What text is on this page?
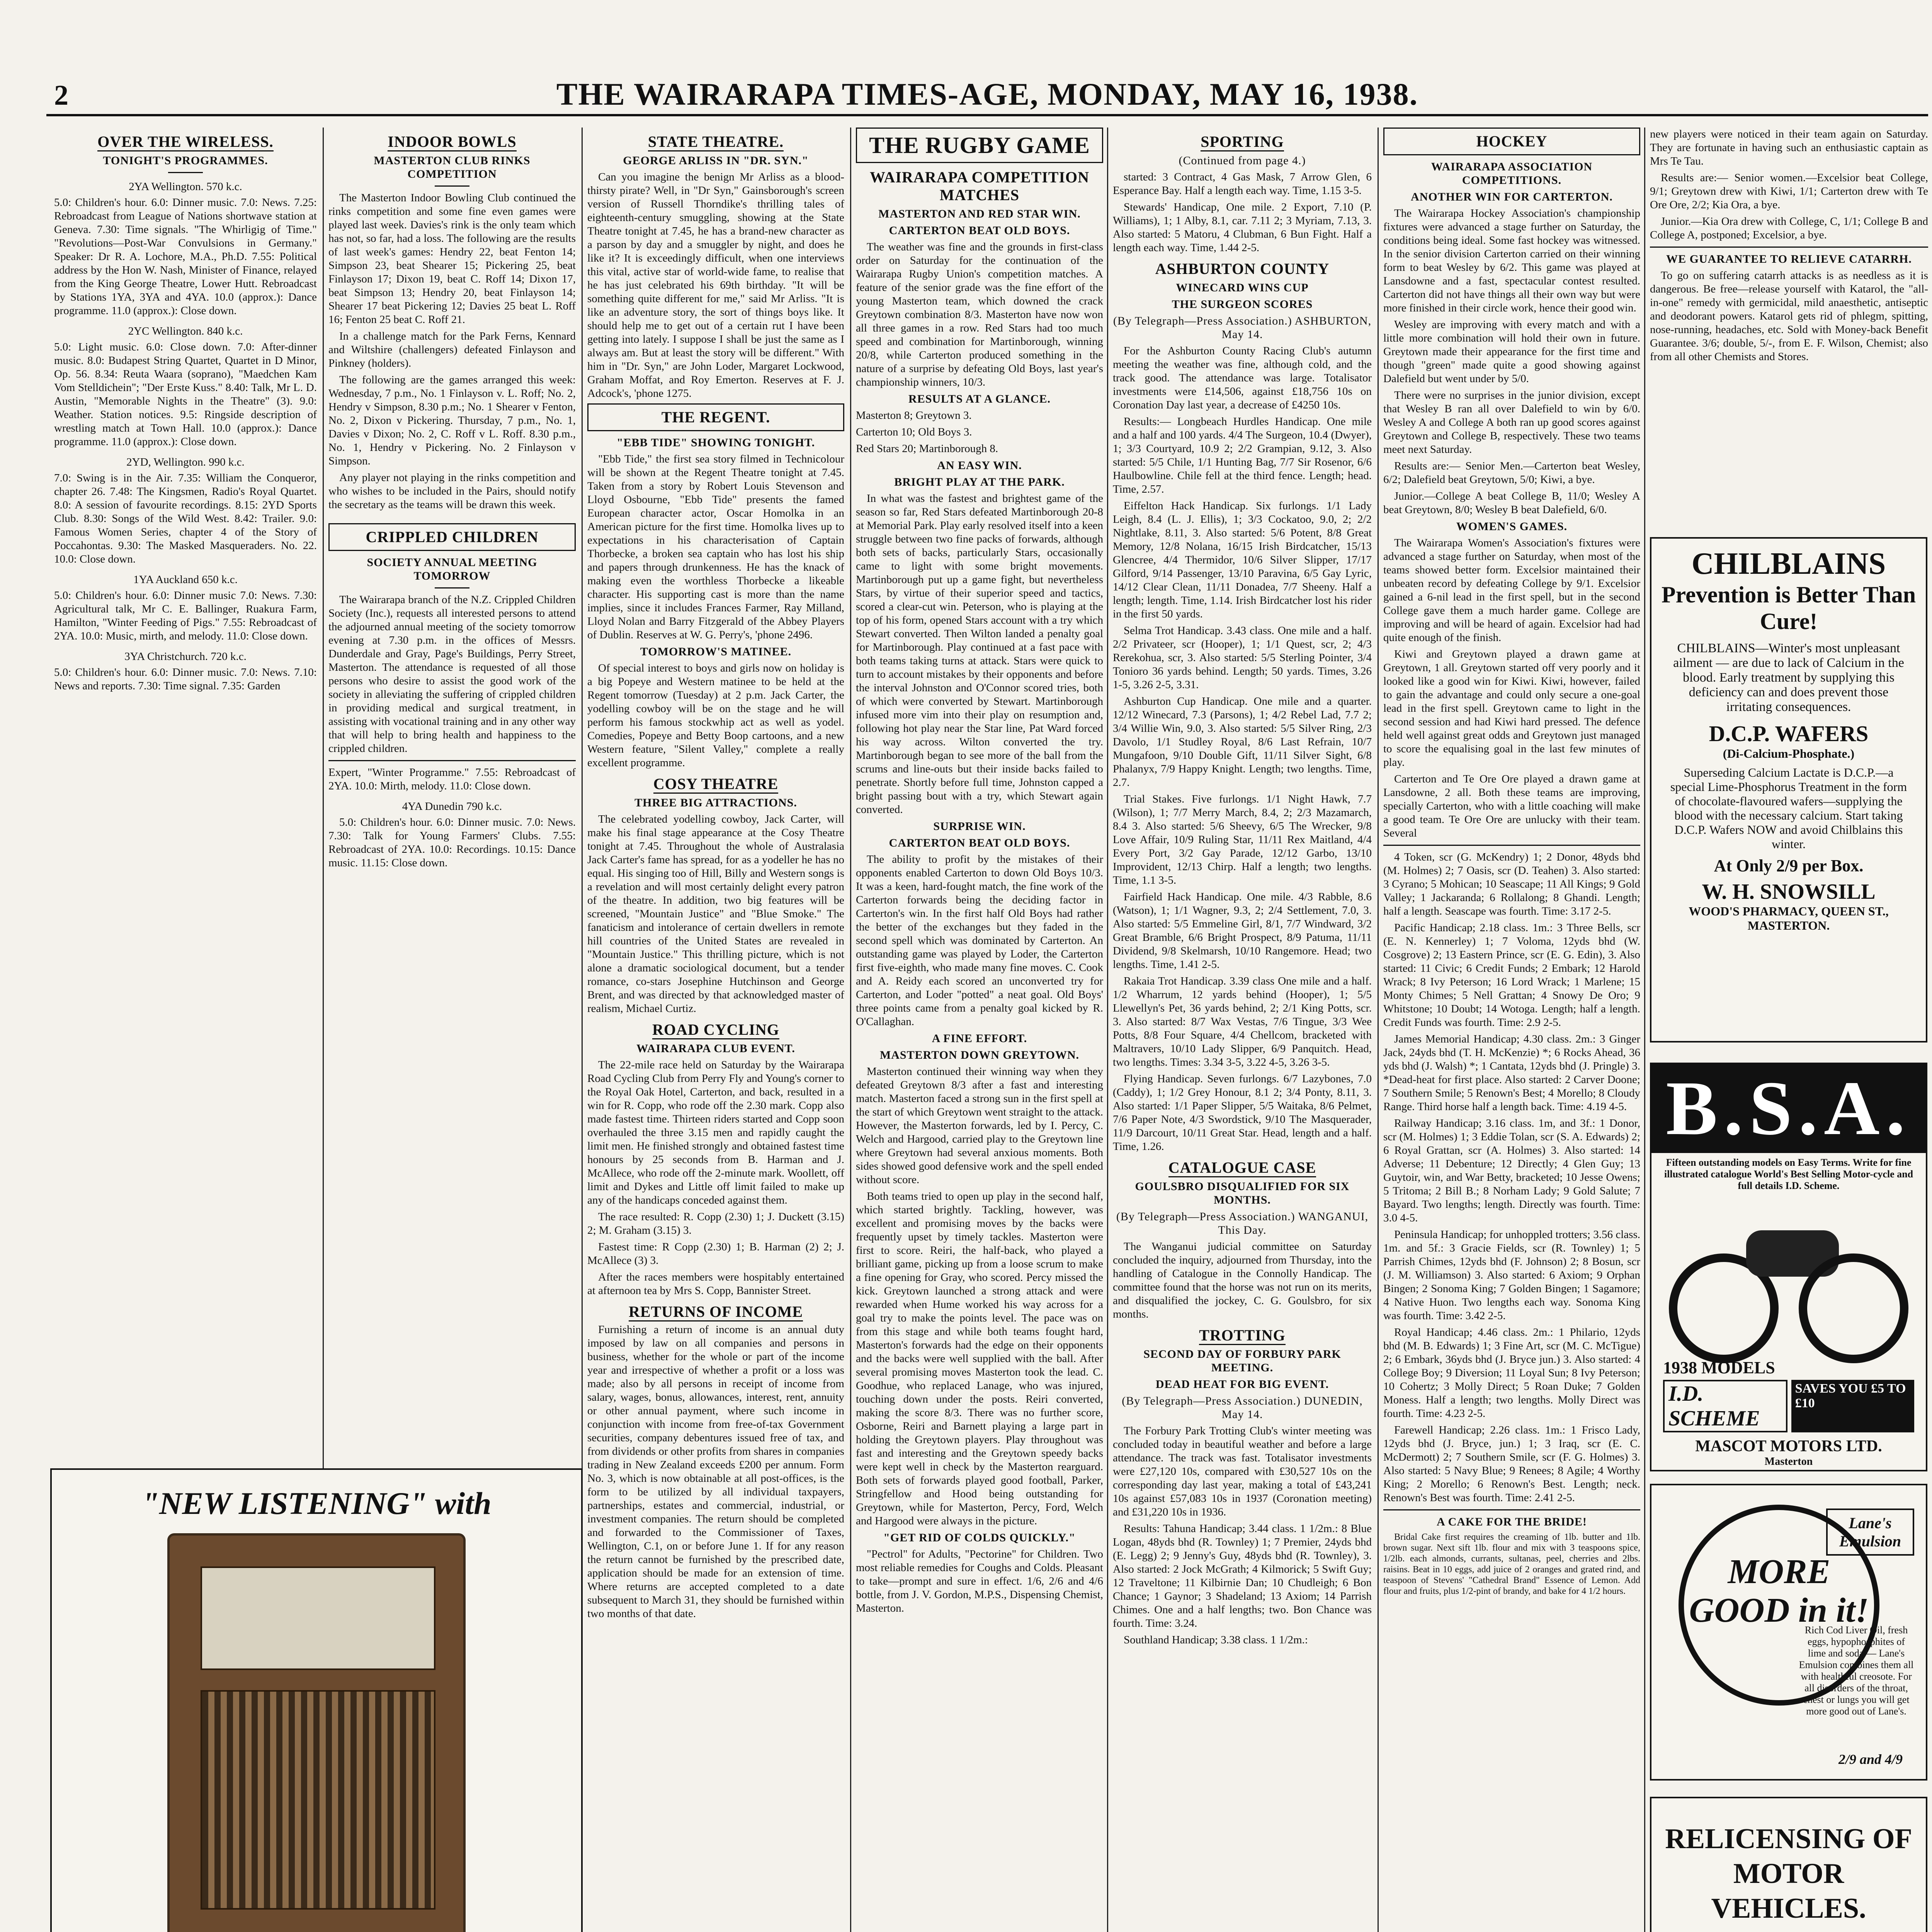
2	THE WAIRARAPA TIMES-AGE, MONDAY, MAY 16, 1938.
OVER THE WIRELESS.
TONIGHT'S PROGRAMMES.
2YA Wellington. 570 k.c.

5.0: Children's hour. 6.0: Dinner music. 7.0: News. 7.25: Rebroadcast from League of Nations shortwave station at Geneva. 7.30: Time signals. "The Whirligig of Time." "Revolutions—Post-War Convulsions in Germany." Speaker: Dr R. A. Lochore, M.A., Ph.D. 7.55: Political address by the Hon W. Nash, Minister of Finance, relayed from the King George Theatre, Lower Hutt. Rebroadcast by Stations 1YA, 3YA and 4YA. 10.0 (approx.): Dance programme. 11.0 (approx.): Close down.

2YC Wellington. 840 k.c.

5.0: Light music. 6.0: Close down. 7.0: After-dinner music. 8.0: Budapest String Quartet, Quartet in D Minor, Op. 56. 8.34: Reuta Waara (soprano), "Maedchen Kam Vom Stelldichein"; "Der Erste Kuss." 8.40: Talk, Mr L. D. Austin, "Memorable Nights in the Theatre" (3). 9.0: Weather. Station notices. 9.5: Ringside description of wrestling match at Town Hall. 10.0 (approx.): Dance programme. 11.0 (approx.): Close down.

2YD, Wellington. 990 k.c.

7.0: Swing is in the Air. 7.35: William the Conqueror, chapter 26. 7.48: The Kingsmen, Radio's Royal Quartet. 8.0: A session of favourite recordings. 8.15: 2YD Sports Club. 8.30: Songs of the Wild West. 8.42: Trailer. 9.0: Famous Women Series, chapter 4 of the Story of Poccahontas. 9.30: The Masked Masqueraders. No. 22. 10.0: Close down.

1YA Auckland 650 k.c.

5.0: Children's hour. 6.0: Dinner music 7.0: News. 7.30: Agricultural talk, Mr C. E. Ballinger, Ruakura Farm, Hamilton, "Winter Feeding of Pigs." 7.55: Rebroadcast of 2YA. 10.0: Music, mirth, and melody. 11.0: Close down.

3YA Christchurch. 720 k.c.

5.0: Children's hour. 6.0: Dinner music. 7.0: News. 7.10: News and reports. 7.30: Time signal. 7.35: Garden

INDOOR BOWLS
MASTERTON CLUB RINKS COMPETITION

The Masterton Indoor Bowling Club continued the rinks competition and some fine even games were played last week. Davies's rink is the only team which has not, so far, had a loss. The following are the results of last week's games: Hendry 22, beat Fenton 14; Simpson 23, beat Shearer 15; Pickering 25, beat Finlayson 17; Dixon 19, beat C. Roff 14; Dixon 17, beat Simpson 13; Hendry 20, beat Finlayson 14; Shearer 17 beat Pickering 12; Davies 25 beat L. Roff 16; Fenton 25 beat C. Roff 21.

In a challenge match for the Park Ferns, Kennard and Wiltshire (challengers) defeated Finlayson and Pinkney (holders).

The following are the games arranged this week: Wednesday, 7 p.m., No. 1 Finlayson v. L. Roff; No. 2, Hendry v Simpson, 8.30 p.m.; No. 1 Shearer v Fenton, No. 2, Dixon v Pickering. Thursday, 7 p.m., No. 1, Davies v Dixon; No. 2, C. Roff v L. Roff. 8.30 p.m., No. 1, Hendry v Pickering. No. 2 Finlayson v Simpson.

Any player not playing in the rinks competition and who wishes to be included in the Pairs, should notify the secretary as the teams will be drawn this week.

CRIPPLED CHILDREN
SOCIETY ANNUAL MEETING TOMORROW

The Wairarapa branch of the N.Z. Crippled Children Society (Inc.), requests all interested persons to attend the adjourned annual meeting of the society tomorrow evening at 7.30 p.m. in the offices of Messrs. Dunderdale and Gray, Page's Buildings, Perry Street, Masterton. The attendance is requested of all those persons who desire to assist the good work of the society in alleviating the suffering of crippled children in providing medical and surgical treatment, in assisting with vocational training and in any other way that will help to bring health and happiness to the crippled children.

Expert, "Winter Programme." 7.55: Rebroadcast of 2YA. 10.0: Mirth, melody. 11.0: Close down.

4YA Dunedin 790 k.c.

5.0: Children's hour. 6.0: Dinner music. 7.0: News. 7.30: Talk for Young Farmers' Clubs. 7.55: Rebroadcast of 2YA. 10.0: Recordings. 10.15: Dance music. 11.15: Close down.

"NEW LISTENING" with
STATE THEATRE.
GEORGE ARLISS IN "DR. SYN."

Can you imagine the benign Mr Arliss as a blood-thirsty pirate? Well, in "Dr Syn," Gainsborough's screen version of Russell Thorndike's thrilling tales of eighteenth-century smuggling, showing at the State Theatre tonight at 7.45, he has a brand-new character as a parson by day and a smuggler by night, and does he like it? It is exceedingly difficult, when one interviews this vital, active star of world-wide fame, to realise that he has just celebrated his 69th birthday. "It will be something quite different for me," said Mr Arliss. "It is like an adventure story, the sort of things boys like. It should help me to get out of a certain rut I have been getting into lately. I suppose I shall be just the same as I always am. But at least the story will be different." With him in "Dr. Syn," are John Loder, Margaret Lockwood, Graham Moffat, and Roy Emerton. Reserves at F. J. Adcock's, 'phone 1275.

THE REGENT.
"EBB TIDE" SHOWING TONIGHT.

"Ebb Tide," the first sea story filmed in Technicolour will be shown at the Regent Theatre tonight at 7.45. Taken from a story by Robert Louis Stevenson and Lloyd Osbourne, "Ebb Tide" presents the famed European character actor, Oscar Homolka in an American picture for the first time. Homolka lives up to expectations in his characterisation of Captain Thorbecke, a broken sea captain who has lost his ship and papers through drunkenness. He has the knack of making even the worthless Thorbecke a likeable character. His supporting cast is more than the name implies, since it includes Frances Farmer, Ray Milland, Lloyd Nolan and Barry Fitzgerald of the Abbey Players of Dublin. Reserves at W. G. Perry's, 'phone 2496.

TOMORROW'S MATINEE.

Of special interest to boys and girls now on holiday is a big Popeye and Western matinee to be held at the Regent tomorrow (Tuesday) at 2 p.m. Jack Carter, the yodelling cowboy will be on the stage and he will perform his famous stockwhip act as well as yodel. Comedies, Popeye and Betty Boop cartoons, and a new Western feature, "Silent Valley," complete a really excellent programme.

COSY THEATRE
THREE BIG ATTRACTIONS.

The celebrated yodelling cowboy, Jack Carter, will make his final stage appearance at the Cosy Theatre tonight at 7.45. Throughout the whole of Australasia Jack Carter's fame has spread, for as a yodeller he has no equal. His singing too of Hill, Billy and Western songs is a revelation and will most certainly delight every patron of the theatre. In addition, two big features will be screened, "Mountain Justice" and "Blue Smoke." The fanaticism and intolerance of certain dwellers in remote hill countries of the United States are revealed in "Mountain Justice." This thrilling picture, which is not alone a dramatic sociological document, but a tender romance, co-stars Josephine Hutchinson and George Brent, and was directed by that acknowledged master of realism, Michael Curtiz.

ROAD CYCLING
WAIRARAPA CLUB EVENT.

The 22-mile race held on Saturday by the Wairarapa Road Cycling Club from Perry Fly and Young's corner to the Royal Oak Hotel, Carterton, and back, resulted in a win for R. Copp, who rode off the 2.30 mark. Copp also made fastest time. Thirteen riders started and Copp soon overhauled the three 3.15 men and rapidly caught the limit men. He finished strongly and obtained fastest time honours by 25 seconds from B. Harman and J. McAllece, who rode off the 2-minute mark. Woollett, off limit and Dykes and Little off limit failed to make up any of the handicaps conceded against them.

The race resulted: R. Copp (2.30) 1; J. Duckett (3.15) 2; M. Graham (3.15) 3.

Fastest time: R Copp (2.30) 1; B. Harman (2) 2; J. McAllece (3) 3.

After the races members were hospitably entertained at afternoon tea by Mrs S. Copp, Bannister Street.

RETURNS OF INCOME

Furnishing a return of income is an annual duty imposed by law on all companies and persons in business, whether for the whole or part of the income year and irrespective of whether a profit or a loss was made; also by all persons in receipt of income from salary, wages, bonus, allowances, interest, rent, annuity or other annual payment, where such income in conjunction with income from free-of-tax Government securities, company debentures issued free of tax, and from dividends or other profits from shares in companies trading in New Zealand exceeds £200 per annum. Form No. 3, which is now obtainable at all post-offices, is the form to be utilized by all individual taxpayers, partnerships, estates and commercial, industrial, or investment companies. The return should be completed and forwarded to the Commissioner of Taxes, Wellington, C.1, on or before June 1. If for any reason the return cannot be furnished by the prescribed date, application should be made for an extension of time. Where returns are accepted completed to a date subsequent to March 31, they should be furnished within two months of that date.

THE RUGBY GAME
WAIRARAPA COMPETITION MATCHES
MASTERTON AND RED STAR WIN.
CARTERTON BEAT OLD BOYS.

The weather was fine and the grounds in first-class order on Saturday for the continuation of the Wairarapa Rugby Union's competition matches. A feature of the senior grade was the fine effort of the young Masterton team, which downed the crack Greytown combination 8/3. Masterton have now won all three games in a row. Red Stars had too much speed and combination for Martinborough, winning 20/8, while Carterton produced something in the nature of a surprise by defeating Old Boys, last year's championship winners, 10/3.

RESULTS AT A GLANCE.

Masterton 8; Greytown 3.

Carterton 10; Old Boys 3.

Red Stars 20; Martinborough 8.

AN EASY WIN.
BRIGHT PLAY AT THE PARK.

In what was the fastest and brightest game of the season so far, Red Stars defeated Martinborough 20-8 at Memorial Park. Play early resolved itself into a keen struggle between two fine packs of forwards, although both sets of backs, particularly Stars, occasionally came to light with some bright movements. Martinborough put up a game fight, but nevertheless Stars, by virtue of their superior speed and tactics, scored a clear-cut win. Peterson, who is playing at the top of his form, opened Stars account with a try which Stewart converted. Then Wilton landed a penalty goal for Martinborough. Play continued at a fast pace with both teams taking turns at attack. Stars were quick to turn to account mistakes by their opponents and before the interval Johnston and O'Connor scored tries, both of which were converted by Stewart. Martinborough infused more vim into their play on resumption and, following hot play near the Star line, Pat Ward forced his way across. Wilton converted the try. Martinborough began to see more of the ball from the scrums and line-outs but their inside backs failed to penetrate. Shortly before full time, Johnston capped a bright passing bout with a try, which Stewart again converted.

SURPRISE WIN.
CARTERTON BEAT OLD BOYS.

The ability to profit by the mistakes of their opponents enabled Carterton to down Old Boys 10/3. It was a keen, hard-fought match, the fine work of the Carterton forwards being the deciding factor in Carterton's win. In the first half Old Boys had rather the better of the exchanges but they faded in the second spell which was dominated by Carterton. An outstanding game was played by Loder, the Carterton first five-eighth, who made many fine moves. C. Cook and A. Reidy each scored an unconverted try for Carterton, and Loder "potted" a neat goal. Old Boys' three points came from a penalty goal kicked by R. O'Callaghan.

A FINE EFFORT.
MASTERTON DOWN GREYTOWN.

Masterton continued their winning way when they defeated Greytown 8/3 after a fast and interesting match. Masterton faced a strong sun in the first spell at the start of which Greytown went straight to the attack. However, the Masterton forwards, led by I. Percy, C. Welch and Hargood, carried play to the Greytown line where Greytown had several anxious moments. Both sides showed good defensive work and the spell ended without score.

Both teams tried to open up play in the second half, which started brightly. Tackling, however, was excellent and promising moves by the backs were frequently upset by timely tackles. Masterton were first to score. Reiri, the half-back, who played a brilliant game, picking up from a loose scrum to make a fine opening for Gray, who scored. Percy missed the kick. Greytown launched a strong attack and were rewarded when Hume worked his way across for a goal try to make the points level. The pace was on from this stage and while both teams fought hard, Masterton's forwards had the edge on their opponents and the backs were well supplied with the ball. After several promising moves Masterton took the lead. C. Goodhue, who replaced Lanage, who was injured, touching down under the posts. Reiri converted, making the score 8/3. There was no further score, Osborne, Reiri and Barnett playing a large part in holding the Greytown players. Play throughout was fast and interesting and the Greytown speedy backs were kept well in check by the Masterton rearguard. Both sets of forwards played good football, Parker, Stringfellow and Hood being outstanding for Greytown, while for Masterton, Percy, Ford, Welch and Hargood were always in the picture.

"GET RID OF COLDS QUICKLY."

"Pectrol" for Adults, "Pectorine" for Children. Two most reliable remedies for Coughs and Colds. Pleasant to take—prompt and sure in effect. 1/6, 2/6 and 4/6 bottle, from J. V. Gordon, M.P.S., Dispensing Chemist, Masterton.

SPORTING
(Continued from page 4.)

started: 3 Contract, 4 Gas Mask, 7 Arrow Glen, 6 Esperance Bay. Half a length each way. Time, 1.15 3-5.

Stewards' Handicap, One mile. 2 Export, 7.10 (P. Williams), 1; 1 Alby, 8.1, car. 7.11 2; 3 Myriam, 7.13, 3. Also started: 5 Matoru, 4 Clubman, 6 Bun Fight. Half a length each way. Time, 1.44 2-5.

ASHBURTON COUNTY
WINECARD WINS CUP
THE SURGEON SCORES
(By Telegraph—Press Association.) ASHBURTON, May 14.

For the Ashburton County Racing Club's autumn meeting the weather was fine, although cold, and the track good. The attendance was large. Totalisator investments were £14,506, against £18,756 10s on Coronation Day last year, a decrease of £4250 10s.

Results:— Longbeach Hurdles Handicap. One mile and a half and 100 yards. 4/4 The Surgeon, 10.4 (Dwyer), 1; 3/3 Courtyard, 10.9 2; 2/2 Grampian, 9.12, 3. Also started: 5/5 Chile, 1/1 Hunting Bag, 7/7 Sir Rosenor, 6/6 Haulbowline. Chile fell at the third fence. Length; head. Time, 2.57.

Eiffelton Hack Handicap. Six furlongs. 1/1 Lady Leigh, 8.4 (L. J. Ellis), 1; 3/3 Cockatoo, 9.0, 2; 2/2 Nightlake, 8.11, 3. Also started: 5/6 Potent, 8/8 Great Memory, 12/8 Nolana, 16/15 Irish Birdcatcher, 15/13 Glencree, 4/4 Thermidor, 10/6 Silver Slipper, 17/17 Gilford, 9/14 Passenger, 13/10 Paravina, 6/5 Gay Lyric, 14/12 Clear Clean, 11/11 Donadea, 7/7 Sheeny. Half a length; length. Time, 1.14. Irish Birdcatcher lost his rider in the first 50 yards.

Selma Trot Handicap. 3.43 class. One mile and a half. 2/2 Privateer, scr (Hooper), 1; 1/1 Quest, scr, 2; 4/3 Rerekohua, scr, 3. Also started: 5/5 Sterling Pointer, 3/4 Tonioro 36 yards behind. Length; 50 yards. Times, 3.26 1-5, 3.26 2-5, 3.31.

Ashburton Cup Handicap. One mile and a quarter. 12/12 Winecard, 7.3 (Parsons), 1; 4/2 Rebel Lad, 7.7 2; 3/4 Willie Win, 9.0, 3. Also started: 5/5 Silver Ring, 2/3 Davolo, 1/1 Studley Royal, 8/6 Last Refrain, 10/7 Mungafoon, 9/10 Double Gift, 11/11 Silver Sight, 6/8 Phalanyx, 7/9 Happy Knight. Length; two lengths. Time, 2.7.

Trial Stakes. Five furlongs. 1/1 Night Hawk, 7.7 (Wilson), 1; 7/7 Merry March, 8.4, 2; 2/3 Mazamarch, 8.4 3. Also started: 5/6 Sheevy, 6/5 The Wrecker, 9/8 Love Affair, 10/9 Ruling Star, 11/11 Rex Maitland, 4/4 Every Port, 3/2 Gay Parade, 12/12 Garbo, 13/10 Improvident, 12/13 Chirp. Half a length; two lengths. Time, 1.1 3-5.

Fairfield Hack Handicap. One mile. 4/3 Rabble, 8.6 (Watson), 1; 1/1 Wagner, 9.3, 2; 2/4 Settlement, 7.0, 3. Also started: 5/5 Emmeline Girl, 8/1, 7/7 Windward, 3/2 Great Bramble, 6/6 Bright Prospect, 8/9 Patuma, 11/11 Dividend, 9/8 Skelmarsh, 10/10 Rangemore. Head; two lengths. Time, 1.41 2-5.

Rakaia Trot Handicap. 3.39 class One mile and a half. 1/2 Wharrum, 12 yards behind (Hooper), 1; 5/5 Llewellyn's Pet, 36 yards behind, 2; 2/1 King Potts, scr. 3. Also started: 8/7 Wax Vestas, 7/6 Tingue, 3/3 Wee Potts, 8/8 Four Square, 4/4 Chellcom, bracketed with Maltravers, 10/10 Lady Slipper, 6/9 Panquitch. Head, two lengths. Times: 3.34 3-5, 3.22 4-5, 3.26 3-5.

Flying Handicap. Seven furlongs. 6/7 Lazybones, 7.0 (Caddy), 1; 1/2 Grey Honour, 8.1 2; 3/4 Ponty, 8.11, 3. Also started: 1/1 Paper Slipper, 5/5 Waitaka, 8/6 Pelmet, 7/6 Paper Note, 4/3 Swordstick, 9/10 The Masquerader, 11/9 Darcourt, 10/11 Great Star. Head, length and a half. Time, 1.26.

CATALOGUE CASE
GOULSBRO DISQUALIFIED FOR SIX MONTHS.
(By Telegraph—Press Association.) WANGANUI, This Day.

The Wanganui judicial committee on Saturday concluded the inquiry, adjourned from Thursday, into the handling of Catalogue in the Connolly Handicap. The committee found that the horse was not run on its merits, and disqualified the jockey, C. G. Goulsbro, for six months.

TROTTING
SECOND DAY OF FORBURY PARK MEETING.
DEAD HEAT FOR BIG EVENT.
(By Telegraph—Press Association.) DUNEDIN, May 14.

The Forbury Park Trotting Club's winter meeting was concluded today in beautiful weather and before a large attendance. The track was fast. Totalisator investments were £27,120 10s, compared with £30,527 10s on the corresponding day last year, making a total of £43,241 10s against £57,083 10s in 1937 (Coronation meeting) and £31,220 10s in 1936.

Results: Tahuna Handicap; 3.44 class. 1 1/2m.: 8 Blue Logan, 48yds bhd (R. Townley) 1; 7 Premier, 24yds bhd (E. Legg) 2; 9 Jenny's Guy, 48yds bhd (R. Townley), 3. Also started: 2 Jock McGrath; 4 Kilmorick; 5 Swift Guy; 12 Traveltone; 11 Kilbirnie Dan; 10 Chudleigh; 6 Bon Chance; 1 Gaynor; 3 Shadeland; 13 Axiom; 14 Parrish Chimes. One and a half lengths; two. Bon Chance was fourth. Time: 3.24.

Southland Handicap; 3.38 class. 1 1/2m.:

HOCKEY
WAIRARAPA ASSOCIATION COMPETITIONS.
ANOTHER WIN FOR CARTERTON.

The Wairarapa Hockey Association's championship fixtures were advanced a stage further on Saturday, the conditions being ideal. Some fast hockey was witnessed. In the senior division Carterton carried on their winning form to beat Wesley by 6/2. This game was played at Lansdowne and a fast, spectacular contest resulted. Carterton did not have things all their own way but were more finished in their circle work, hence their good win.

Wesley are improving with every match and with a little more combination will hold their own in future. Greytown made their appearance for the first time and though "green" made quite a good showing against Dalefield but went under by 5/0.

There were no surprises in the junior division, except that Wesley B ran all over Dalefield to win by 6/0. Wesley A and College A both ran up good scores against Greytown and College B, respectively. These two teams meet next Saturday.

Results are:— Senior Men.—Carterton beat Wesley, 6/2; Dalefield beat Greytown, 5/0; Kiwi, a bye.

Junior.—College A beat College B, 11/0; Wesley A beat Greytown, 8/0; Wesley B beat Dalefield, 6/0.

WOMEN'S GAMES.

The Wairarapa Women's Association's fixtures were advanced a stage further on Saturday, when most of the teams showed better form. Excelsior maintained their unbeaten record by defeating College by 9/1. Excelsior gained a 6-nil lead in the first spell, but in the second College gave them a much harder game. College are improving and will be heard of again. Excelsior had had quite enough of the finish.

Kiwi and Greytown played a drawn game at Greytown, 1 all. Greytown started off very poorly and it looked like a good win for Kiwi. Kiwi, however, failed to gain the advantage and could only secure a one-goal lead in the first spell. Greytown came to light in the second session and had Kiwi hard pressed. The defence held well against great odds and Greytown just managed to score the equalising goal in the last few minutes of play.

Carterton and Te Ore Ore played a drawn game at Lansdowne, 2 all. Both these teams are improving, specially Carterton, who with a little coaching will make a good team. Te Ore Ore are unlucky with their team. Several

4 Token, scr (G. McKendry) 1; 2 Donor, 48yds bhd (M. Holmes) 2; 7 Oasis, scr (D. Teahen) 3. Also started: 3 Cyrano; 5 Mohican; 10 Seascape; 11 All Kings; 9 Gold Valley; 1 Jackaranda; 6 Rollalong; 8 Ghandi. Length; half a length. Seascape was fourth. Time: 3.17 2-5.

Pacific Handicap; 2.18 class. 1m.: 3 Three Bells, scr (E. N. Kennerley) 1; 7 Voloma, 12yds bhd (W. Cosgrove) 2; 13 Eastern Prince, scr (E. G. Edin), 3. Also started: 11 Civic; 6 Credit Funds; 2 Embark; 12 Harold Wrack; 8 Ivy Peterson; 16 Lord Wrack; 1 Marlene; 15 Monty Chimes; 5 Nell Grattan; 4 Snowy De Oro; 9 Whitstone; 10 Doubt; 14 Wotoga. Length; half a length. Credit Funds was fourth. Time: 2.9 2-5.

James Memorial Handicap; 4.30 class. 2m.: 3 Ginger Jack, 24yds bhd (T. H. McKenzie) *; 6 Rocks Ahead, 36 yds bhd (J. Walsh) *; 1 Cantata, 12yds bhd (J. Pringle) 3. *Dead-heat for first place. Also started: 2 Carver Doone; 7 Southern Smile; 5 Renown's Best; 4 Morello; 8 Cloudy Range. Third horse half a length back. Time: 4.19 4-5.

Railway Handicap; 3.16 class. 1m, and 3f.: 1 Donor, scr (M. Holmes) 1; 3 Eddie Tolan, scr (S. A. Edwards) 2; 6 Royal Grattan, scr (A. Holmes) 3. Also started: 14 Adverse; 11 Debenture; 12 Directly; 4 Glen Guy; 13 Guytoir, win, and War Betty, bracketed; 10 Jesse Owens; 5 Tritoma; 2 Bill B.; 8 Norham Lady; 9 Gold Salute; 7 Bayard. Two lengths; length. Directly was fourth. Time: 3.0 4-5.

Peninsula Handicap; for unhoppled trotters; 3.56 class. 1m. and 5f.: 3 Gracie Fields, scr (R. Townley) 1; 5 Parrish Chimes, 12yds bhd (F. Johnson) 2; 8 Bosun, scr (J. M. Williamson) 3. Also started: 6 Axiom; 9 Orphan Bingen; 2 Sonoma King; 7 Golden Bingen; 1 Sagamore; 4 Native Huon. Two lengths each way. Sonoma King was fourth. Time: 3.42 2-5.

Royal Handicap; 4.46 class. 2m.: 1 Philario, 12yds bhd (M. B. Edwards) 1; 3 Fine Art, scr (M. C. McTigue) 2; 6 Embark, 36yds bhd (J. Bryce jun.) 3. Also started: 4 College Boy; 9 Diversion; 11 Loyal Sun; 8 Ivy Peterson; 10 Cohertz; 3 Molly Direct; 5 Roan Duke; 7 Golden Moness. Half a length; two lengths. Molly Direct was fourth. Time: 4.23 2-5.

Farewell Handicap; 2.26 class. 1m.: 1 Frisco Lady, 12yds bhd (J. Bryce, jun.) 1; 3 Iraq, scr (E. C. McDermott) 2; 7 Southern Smile, scr (F. G. Holmes) 3. Also started: 5 Navy Blue; 9 Renees; 8 Agile; 4 Worthy King; 2 Morello; 6 Renown's Best. Length; neck. Renown's Best was fourth. Time: 2.41 2-5.

A CAKE FOR THE BRIDE!

Bridal Cake first requires the creaming of 1lb. butter and 1lb. brown sugar. Next sift 1lb. flour and mix with 3 teaspoons spice, 1/2lb. each almonds, currants, sultanas, peel, cherries and 2lbs. raisins. Beat in 10 eggs, add juice of 2 oranges and grated rind, and teaspoon of Stevens' "Cathedral Brand" Essence of Lemon. Add flour and fruits, plus 1/2-pint of brandy, and bake for 4 1/2 hours.

new players were noticed in their team again on Saturday. They are fortunate in having such an enthusiastic captain as Mrs Te Tau.

Results are:— Senior women.—Excelsior beat College, 9/1; Greytown drew with Kiwi, 1/1; Carterton drew with Te Ore Ore, 2/2; Kia Ora, a bye.

Junior.—Kia Ora drew with College, C, 1/1; College B and College A, postponed; Excelsior, a bye.

WE GUARANTEE TO RELIEVE CATARRH.

To go on suffering catarrh attacks is as needless as it is dangerous. Be free—release yourself with Katarol, the "all-in-one" remedy with germicidal, mild anaesthetic, antiseptic and deodorant powers. Katarol gets rid of phlegm, spitting, nose-running, headaches, etc. Sold with Money-back Benefit Guarantee. 3/6; double, 5/-, from E. F. Wilson, Chemist; also from all other Chemists and Stores.

CHILBLAINS
Prevention is Better Than Cure!
CHILBLAINS—Winter's most unpleasant ailment — are due to lack of Calcium in the blood. Early treatment by supplying this deficiency can and does prevent those irritating consequences.
D.C.P. WAFERS
(Di-Calcium-Phosphate.)
Superseding Calcium Lactate is D.C.P.—a special Lime-Phosphorus Treatment in the form of chocolate-flavoured wafers—supplying the blood with the necessary calcium. Start taking D.C.P. Wafers NOW and avoid Chilblains this winter.
At Only 2/9 per Box.
W. H. SNOWSILL
WOOD'S PHARMACY, QUEEN ST., MASTERTON.
B.S.A.
Fifteen outstanding models on Easy Terms. Write for fine illustrated catalogue World's Best Selling Motor-cycle and full details I.D. Scheme.
1938 MODELS
I.D. SCHEME
SAVES YOU £5 TO £10
MASCOT MOTORS LTD.
Masterton
MORE GOOD in it!
Lane's Emulsion
Rich Cod Liver Oil, fresh eggs, hypophosphites of lime and soda — Lane's Emulsion combines them all with healthful creosote. For all disorders of the throat, chest or lungs you will get more good out of Lane's.
2/9 and 4/9
RELICENSING OF MOTOR VEHICLES.
